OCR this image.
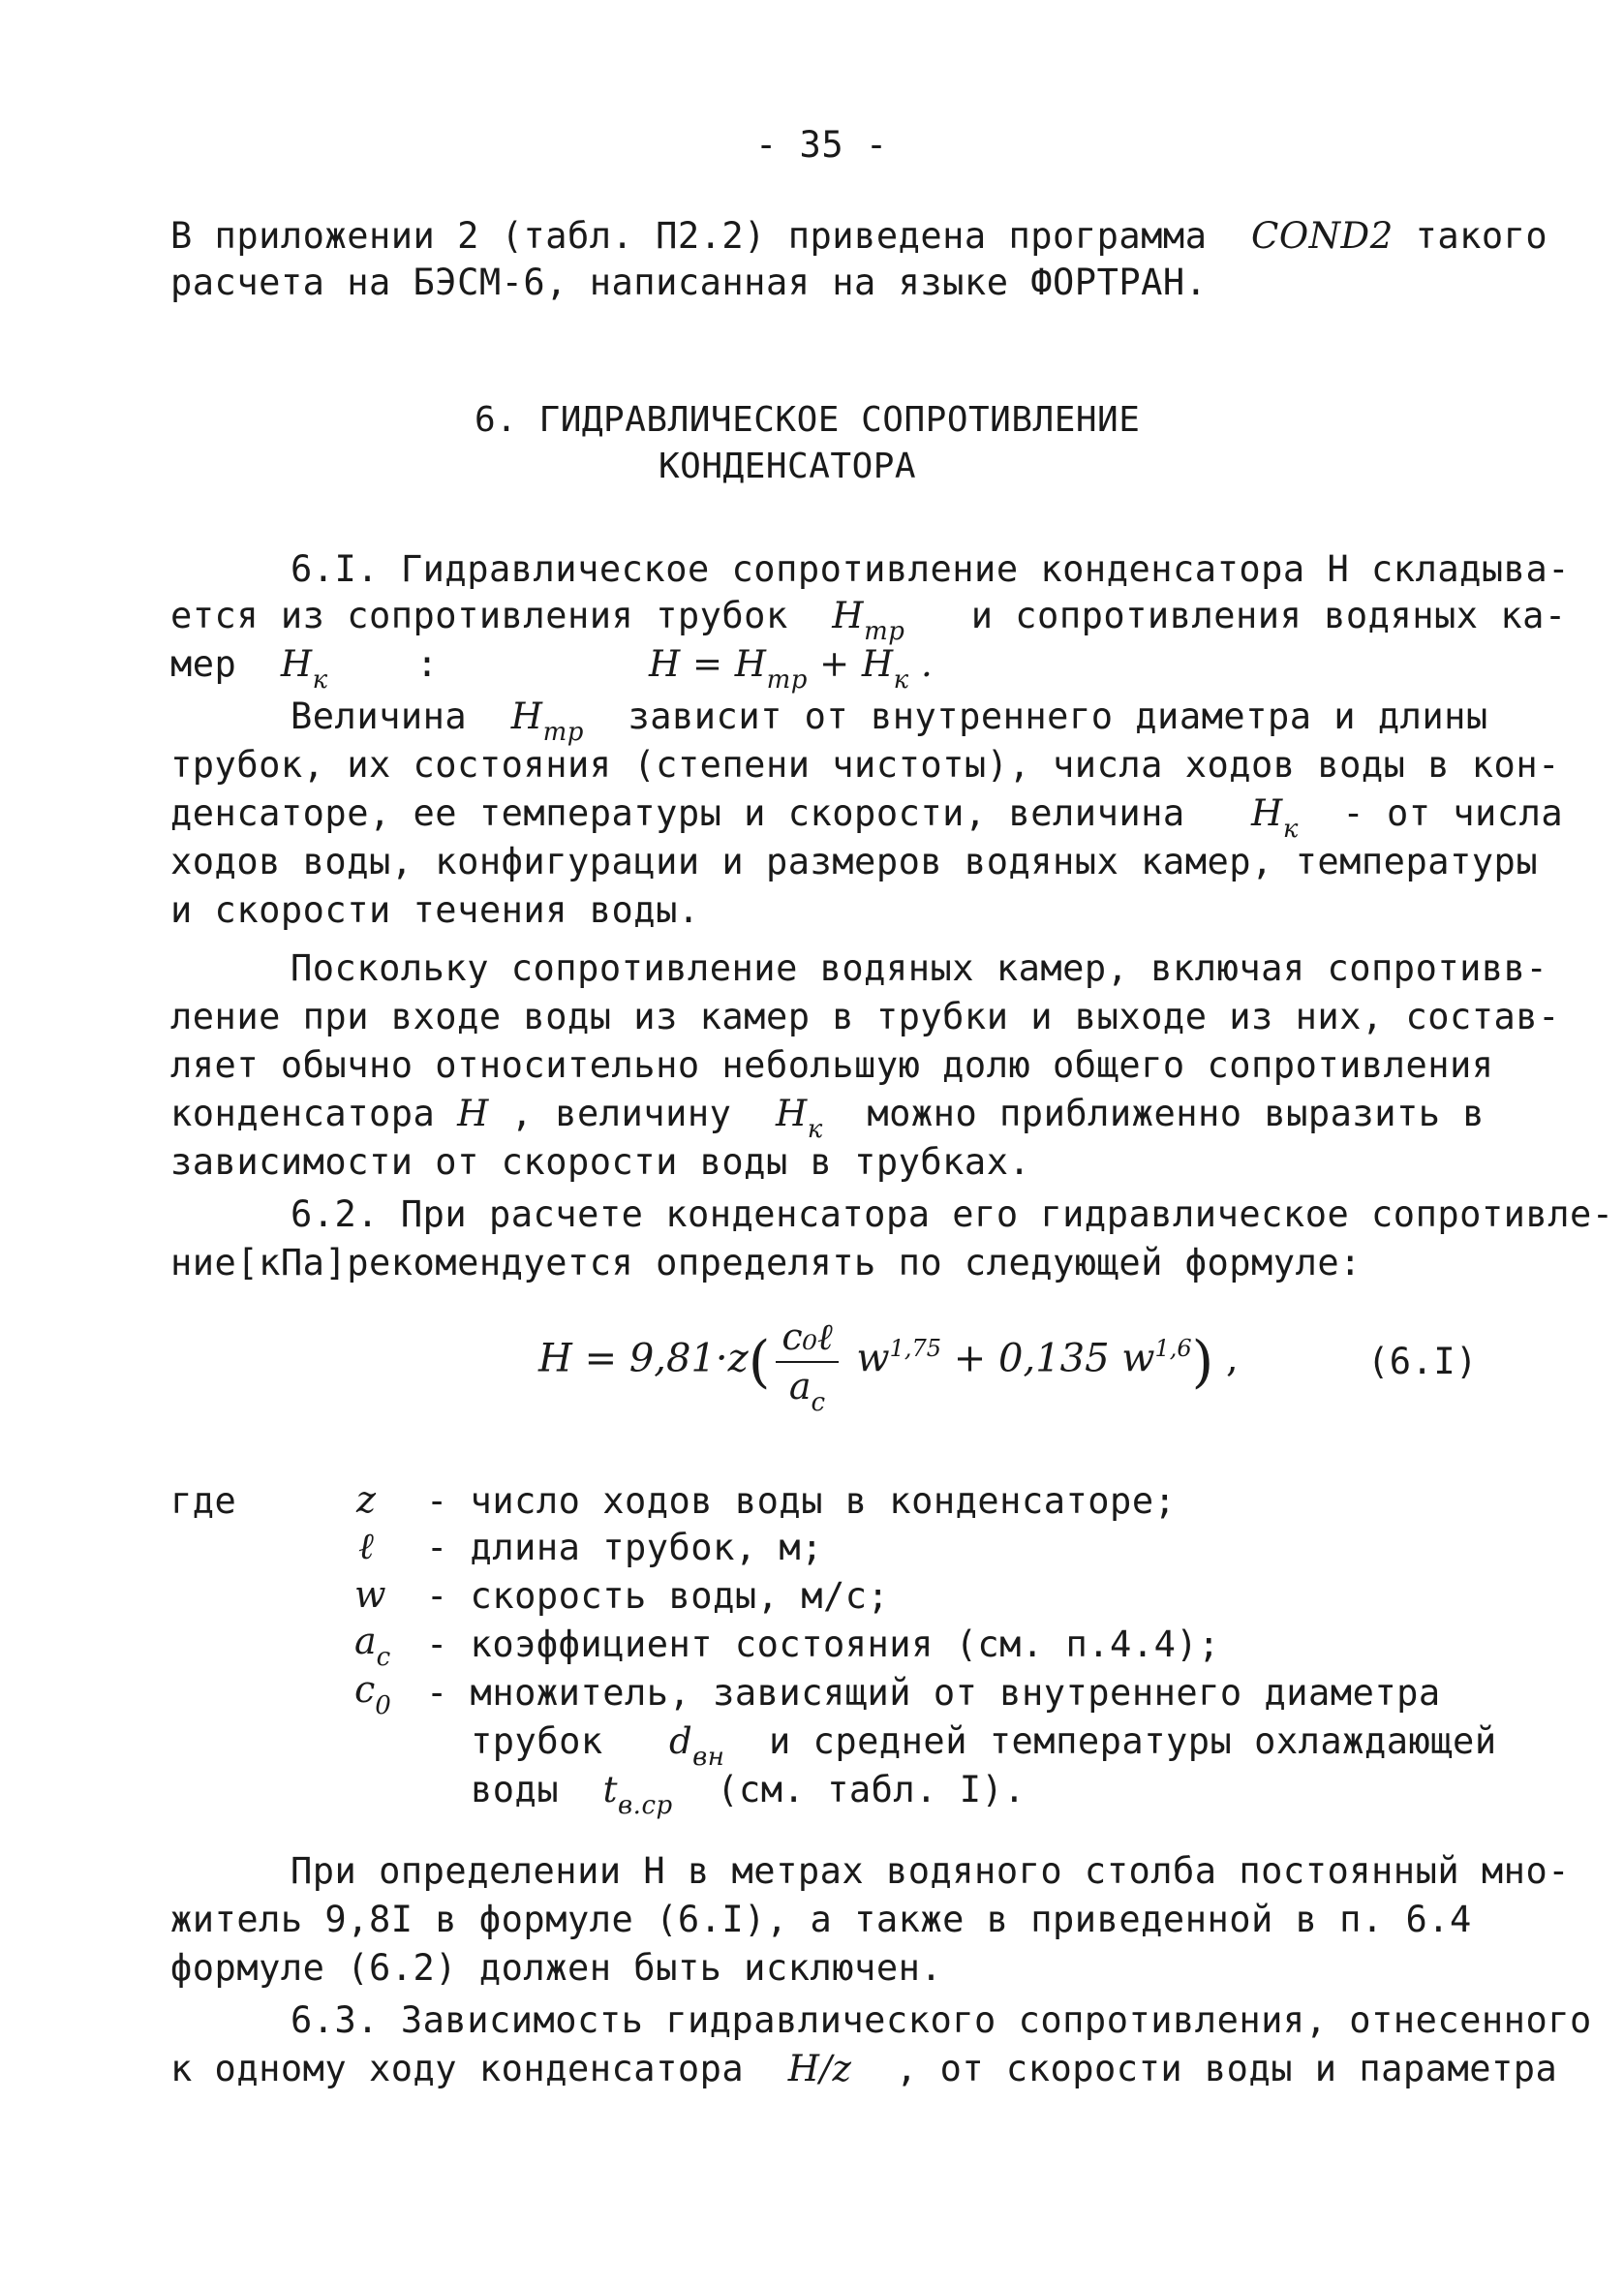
- 35 -
В приложении 2 (табл. П2.2) приведена программа COND2 такого
расчета на БЭСМ-6, написанная на языке ФОРТРАН.
6. ГИДРАВЛИЧЕСКОЕ СОПРОТИВЛЕНИЕ
КОНДЕНСАТОРА
6.I. Гидравлическое сопротивление конденсатора Н складыва-
ется из сопротивления трубок $H_{тр}$ и сопротивления водяных ка-
мер $H_к$ :	$H = H_{тр} + H_к$ .
Величина $H_{тр}$ зависит от внутреннего диаметра и длины
трубок, их состояния (степени чистоты), числа ходов воды в кон-
денсаторе, ее температуры и скорости, величина $H_к$ - от числа
ходов воды, конфигурации и размеров водяных камер, температуры
и скорости течения воды.
Поскольку сопротивление водяных камер, включая сопротивв-
ление при входе воды из камер в трубки и выходе из них, состав-
ляет обычно относительно небольшую долю общего сопротивления
конденсатора H , величину $H_к$ можно приближенно выразить в
зависимости от скорости воды в трубках.
6.2. При расчете конденсатора его гидравлическое сопротивле-
ние[кПа]рекомендуется определять по следующей формуле:
$H = 9,81\cdot z( \frac{\text{c₀ℓ}}{a_c} w^{1,75} + 0,135$ $w^{1,6}$) ,	(6.I)
где	z - число ходов воды в конденсаторе;
ℓ - длина трубок, м;
w - скорость воды, м/с;
$a_c$ - коэффициент состояния (см. п.4.4);
$c_0$ - множитель, зависящий от внутреннего диаметра
трубок $d_{вн}$ и средней температуры охлаждающей
воды $t_{в.ср}$ (см. табл. I).
При определении Н в метрах водяного столба постоянный мно-
житель 9,8I в формуле (6.I), а также в приведенной в п. 6.4
формуле (6.2) должен быть исключен.
6.3. Зависимость гидравлического сопротивления, отнесенного
к одному ходу конденсатора H/z , от скорости воды и параметра
